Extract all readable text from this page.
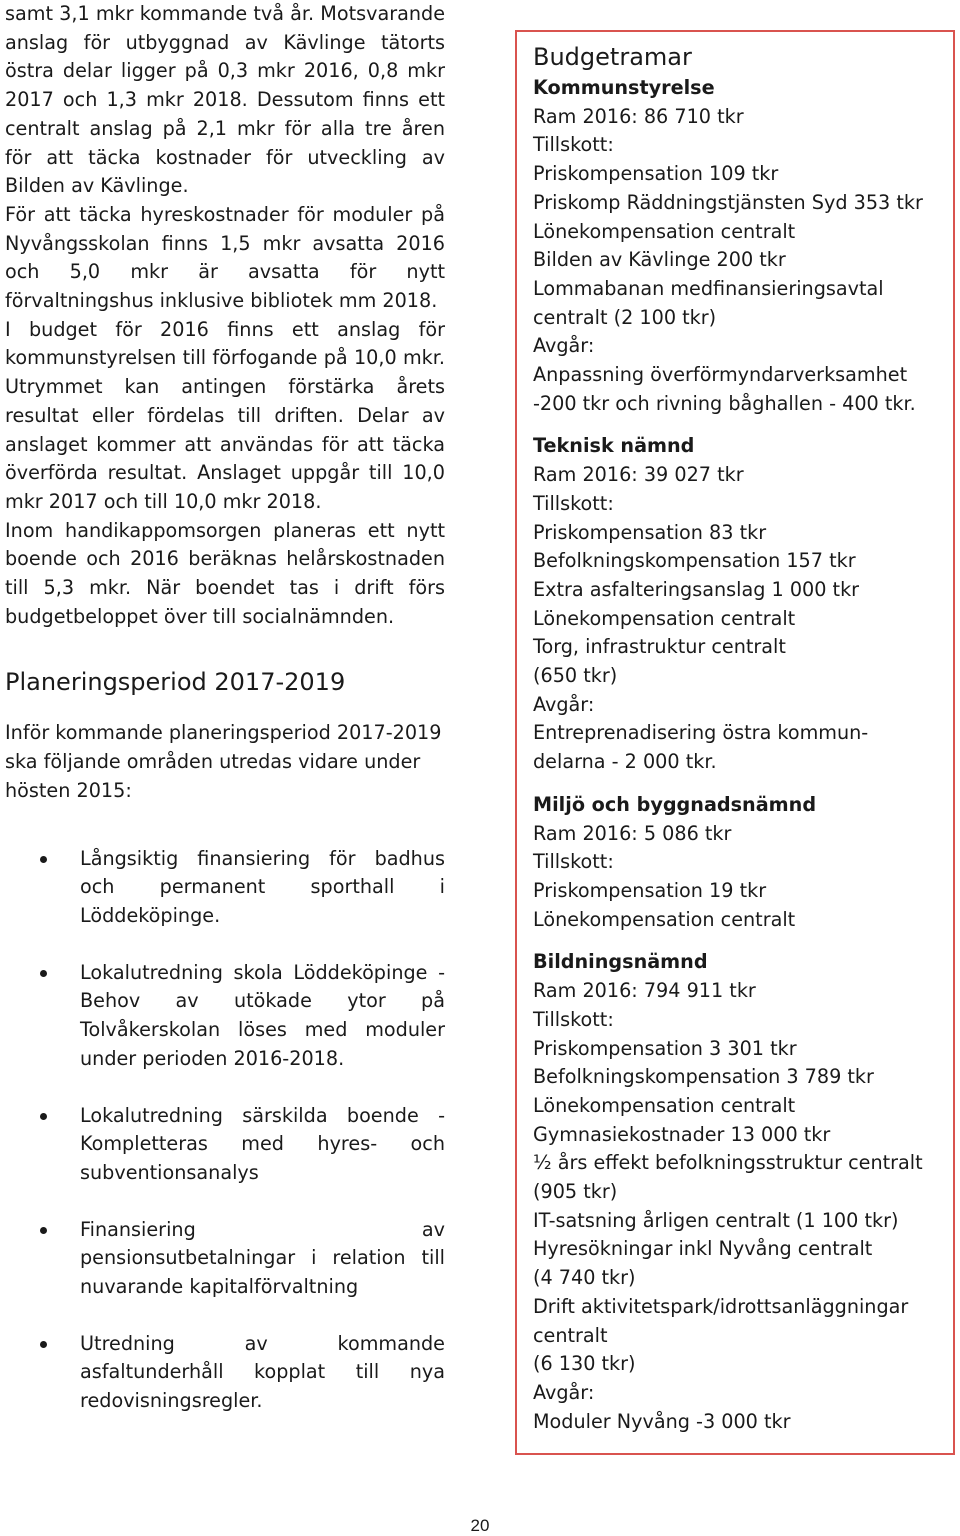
samt 3,1 mkr kommande två år. Motsvarande anslag för utbyggnad av Kävlinge tätorts östra delar ligger på 0,3 mkr 2016, 0,8 mkr 2017 och 1,3 mkr 2018. Dessutom finns ett centralt anslag på 2,1 mkr för alla tre åren för att täcka kostnader för utveckling av Bilden av Kävlinge.

För att täcka hyreskostnader för moduler på Nyvångsskolan finns 1,5 mkr avsatta 2016 och 5,0 mkr är avsatta för nytt förvaltningshus inklusive bibliotek mm 2018.

I budget för 2016 finns ett anslag för kommunstyrelsen till förfogande på 10,0 mkr. Utrymmet kan antingen förstärka årets resultat eller fördelas till driften. Delar av anslaget kommer att användas för att täcka överförda resultat. Anslaget uppgår till 10,0 mkr 2017 och till 10,0 mkr 2018.

Inom handikappomsorgen planeras ett nytt boende och 2016 beräknas helårskostnaden till 5,3 mkr. När boendet tas i drift förs budgetbeloppet över till socialnämnden.

Planeringsperiod 2017-2019

Inför kommande planeringsperiod 2017-2019 ska följande områden utredas vidare under hösten 2015:

Långsiktig finansiering för badhus och permanent sporthall i Löddeköpinge.
Lokalutredning skola Löddeköpinge -Behov av utökade ytor på Tolvåkerskolan löses med moduler under perioden 2016-2018.
Lokalutredning särskilda boende -Kompletteras med hyres- och subventionsanalys
Finansiering av pensionsutbetalningar i relation till nuvarande kapitalförvaltning
Utredning av kommande asfaltunderhåll kopplat till nya redovisningsregler.
Budgetramar
Kommunstyrelse
Ram 2016: 86 710 tkr
Tillskott:
Priskompensation 109 tkr
Priskomp Räddningstjänsten Syd 353 tkr
Lönekompensation centralt
Bilden av Kävlinge 200 tkr
Lommabanan medfinansieringsavtal
centralt (2 100 tkr)
Avgår:
Anpassning överförmyndarverksamhet
-200 tkr och rivning båghallen - 400 tkr.
Teknisk nämnd
Ram 2016: 39 027 tkr
Tillskott:
Priskompensation 83 tkr
Befolkningskompensation 157 tkr
Extra asfalteringsanslag 1 000 tkr
Lönekompensation centralt
Torg, infrastruktur centralt
(650 tkr)
Avgår:
Entreprenadisering östra kommun-
delarna - 2 000 tkr.
Miljö och byggnadsnämnd
Ram 2016: 5 086 tkr
Tillskott:
Priskompensation 19 tkr
Lönekompensation centralt
Bildningsnämnd
Ram 2016: 794 911 tkr
Tillskott:
Priskompensation 3 301 tkr
Befolkningskompensation 3 789 tkr
Lönekompensation centralt
Gymnasiekostnader 13 000 tkr
½ års effekt befolkningsstruktur centralt
(905 tkr)
IT-satsning årligen centralt (1 100 tkr)
Hyresökningar inkl Nyvång centralt
(4 740 tkr)
Drift aktivitetspark/idrottsanläggningar
centralt
(6 130 tkr)
Avgår:
Moduler Nyvång -3 000 tkr
20
